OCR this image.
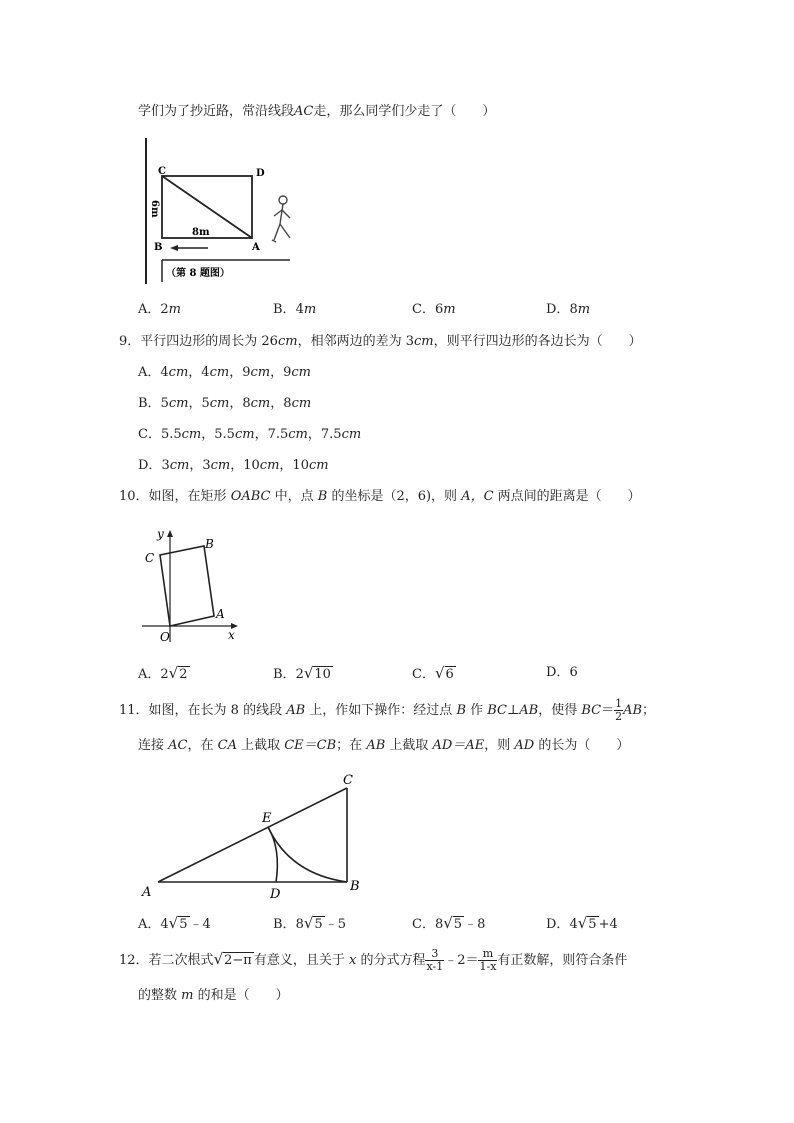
学们为了抄近路，常沿线段AC走，那么同学们少走了（　　）
C	D
B	A
8m
6m
（第 8 题图）
A．2m	B．4m	C．6m	D．8m
9．平行四边形的周长为 26cm，相邻两边的差为 3cm，则平行四边形的各边长为（　　）
A．4cm，4cm，9cm，9cm
B．5cm，5cm，8cm，8cm
C．5.5cm，5.5cm，7.5cm，7.5cm
D．3cm，3cm，10cm，10cm
10．如图，在矩形 OABC 中，点 B 的坐标是（2，6)，则 A，C 两点间的距离是（　　）
y
x
O
A
B
C
A．2√2	B．2√10	C．√6	D．6
11．如图，在长为 8 的线段 AB 上，作如下操作：经过点 B 作 BC⊥AB，使得 $BC= \frac{1}{2}$ AB；
连接 AC，在 CA 上截取 CE＝CB；在 AB 上截取 AD＝AE，则 AD 的长为（　　）
A	B
C
D
E
A．4√5 ﹣4	B．8√5 ﹣5	C．8√5 ﹣8	D．4√5 +4
12．若二次根式√2−π 有意义，且关于 x 的分式方程 $\frac{3}{x-1}$ ﹣2＝ $\frac{m}{1-x}$ 有正数解，则符合条件
的整数 m 的和是（　　）
